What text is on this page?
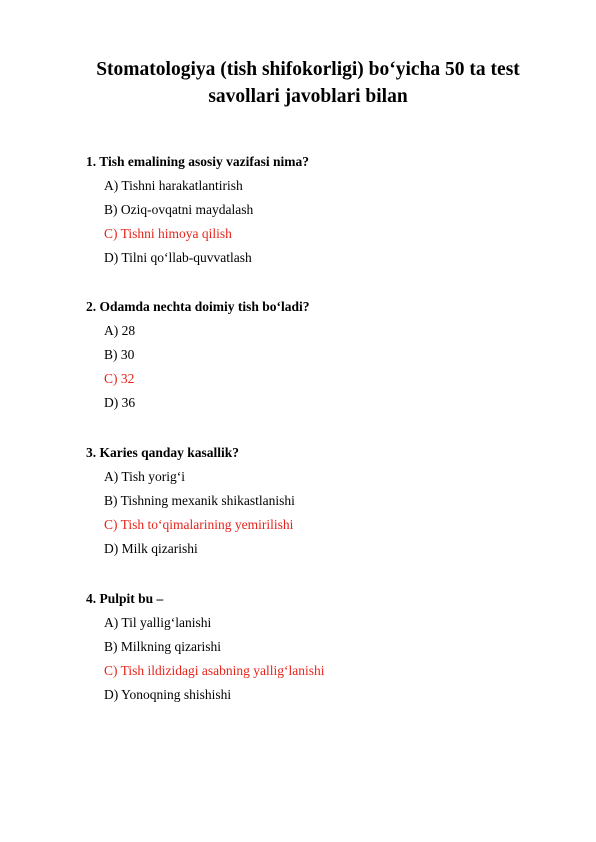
Stomatologiya (tish shifokorligi) bo‘yicha 50 ta test
savollari javoblari bilan

1. Tish emalining asosiy vazifasi nima?

A) Tishni harakatlantirish
B) Oziq-ovqatni maydalash
C) Tishni himoya qilish
D) Tilni qo‘llab-quvvatlash

2. Odamda nechta doimiy tish bo‘ladi?

A) 28
B) 30
C) 32
D) 36

3. Karies qanday kasallik?

A) Tish yorig‘i
B) Tishning mexanik shikastlanishi
C) Tish to‘qimalarining yemirilishi
D) Milk qizarishi

4. Pulpit bu –

A) Til yallig‘lanishi
B) Milkning qizarishi
C) Tish ildizidagi asabning yallig‘lanishi
D) Yonoqning shishishi
